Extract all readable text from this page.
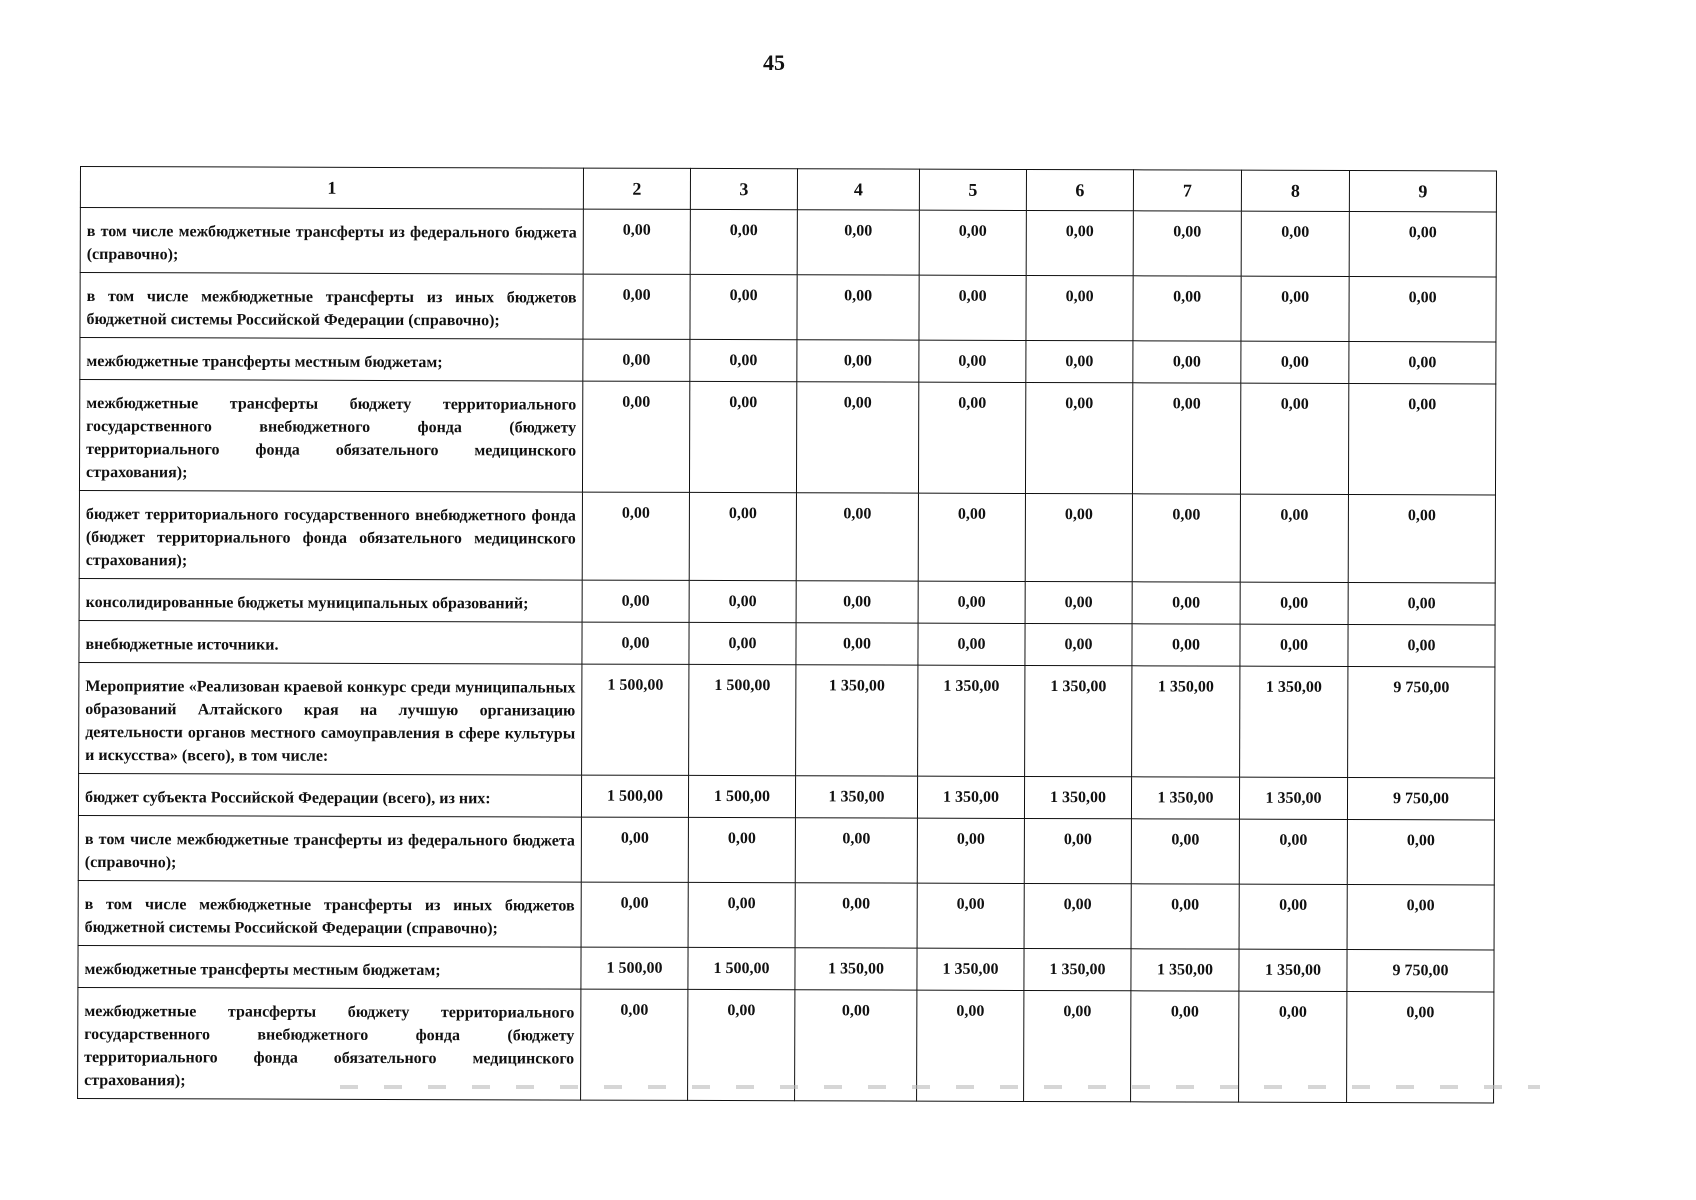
45
1	2	3	4	5	6	7	8	9
в том числе межбюджетные трансферты из федерального бюджета (справочно);	0,00	0,00	0,00	0,00	0,00	0,00	0,00	0,00
в том числе межбюджетные трансферты из иных бюджетов бюджетной системы Российской Федерации (справочно);	0,00	0,00	0,00	0,00	0,00	0,00	0,00	0,00
межбюджетные трансферты местным бюджетам;	0,00	0,00	0,00	0,00	0,00	0,00	0,00	0,00
межбюджетные трансферты бюджету территориального государственного внебюджетного фонда (бюджету территориального фонда обязательного медицинского страхования);	0,00	0,00	0,00	0,00	0,00	0,00	0,00	0,00
бюджет территориального государственного внебюджетного фонда (бюджет территориального фонда обязательного медицинского страхования);	0,00	0,00	0,00	0,00	0,00	0,00	0,00	0,00
консолидированные бюджеты муниципальных образований;	0,00	0,00	0,00	0,00	0,00	0,00	0,00	0,00
внебюджетные источники.	0,00	0,00	0,00	0,00	0,00	0,00	0,00	0,00
Мероприятие «Реализован краевой конкурс среди муниципальных образований Алтайского края на лучшую организацию деятельности органов местного самоуправления в сфере культуры и искусства» (всего), в том числе:	1 500,00	1 500,00	1 350,00	1 350,00	1 350,00	1 350,00	1 350,00	9 750,00
бюджет субъекта Российской Федерации (всего), из них:	1 500,00	1 500,00	1 350,00	1 350,00	1 350,00	1 350,00	1 350,00	9 750,00
в том числе межбюджетные трансферты из федерального бюджета (справочно);	0,00	0,00	0,00	0,00	0,00	0,00	0,00	0,00
в том числе межбюджетные трансферты из иных бюджетов бюджетной системы Российской Федерации (справочно);	0,00	0,00	0,00	0,00	0,00	0,00	0,00	0,00
межбюджетные трансферты местным бюджетам;	1 500,00	1 500,00	1 350,00	1 350,00	1 350,00	1 350,00	1 350,00	9 750,00
межбюджетные трансферты бюджету территориального государственного внебюджетного фонда (бюджету территориального фонда обязательного медицинского страхования);	0,00	0,00	0,00	0,00	0,00	0,00	0,00	0,00
